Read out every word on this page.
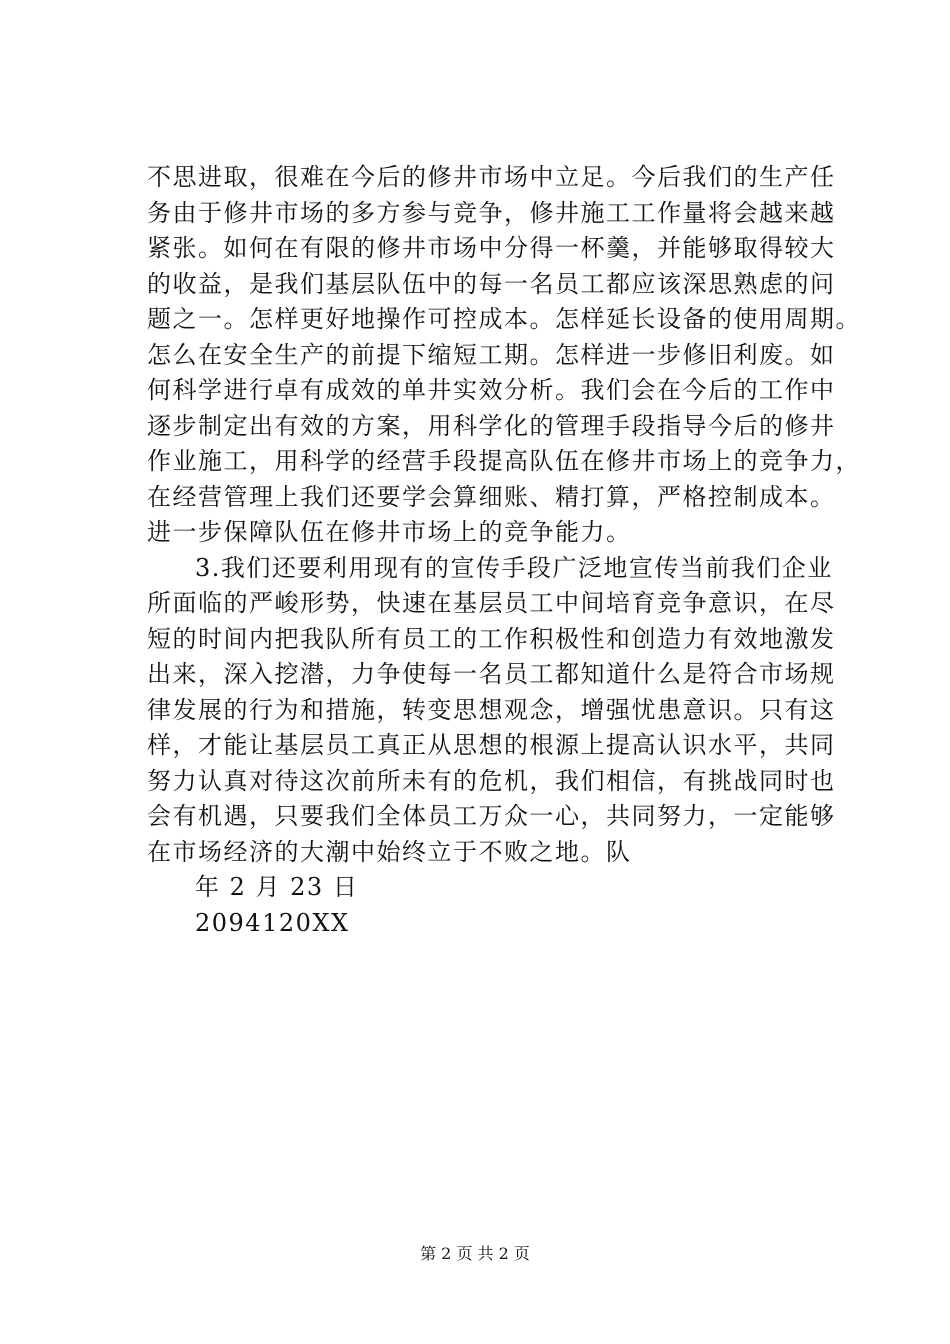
不思进取，很难在今后的修井市场中立足。今后我们的生产任
务由于修井市场的多方参与竞争，修井施工工作量将会越来越
紧张。如何在有限的修井市场中分得一杯羹，并能够取得较大
的收益，是我们基层队伍中的每一名员工都应该深思熟虑的问
题之一。怎样更好地操作可控成本。怎样延长设备的使用周期。
怎么在安全生产的前提下缩短工期。怎样进一步修旧利废。如
何科学进行卓有成效的单井实效分析。我们会在今后的工作中
逐步制定出有效的方案，用科学化的管理手段指导今后的修井
作业施工，用科学的经营手段提高队伍在修井市场上的竞争力，
在经营管理上我们还要学会算细账、精打算，严格控制成本。
进一步保障队伍在修井市场上的竞争能力。
3.我们还要利用现有的宣传手段广泛地宣传当前我们企业
所面临的严峻形势，快速在基层员工中间培育竞争意识，在尽
短的时间内把我队所有员工的工作积极性和创造力有效地激发
出来，深入挖潜，力争使每一名员工都知道什么是符合市场规
律发展的行为和措施，转变思想观念，增强忧患意识。只有这
样，才能让基层员工真正从思想的根源上提高认识水平，共同
努力认真对待这次前所未有的危机，我们相信，有挑战同时也
会有机遇，只要我们全体员工万众一心，共同努力，一定能够
在市场经济的大潮中始终立于不败之地。队
年 2 月 23 日
2094120XX
第 2 页 共 2 页
